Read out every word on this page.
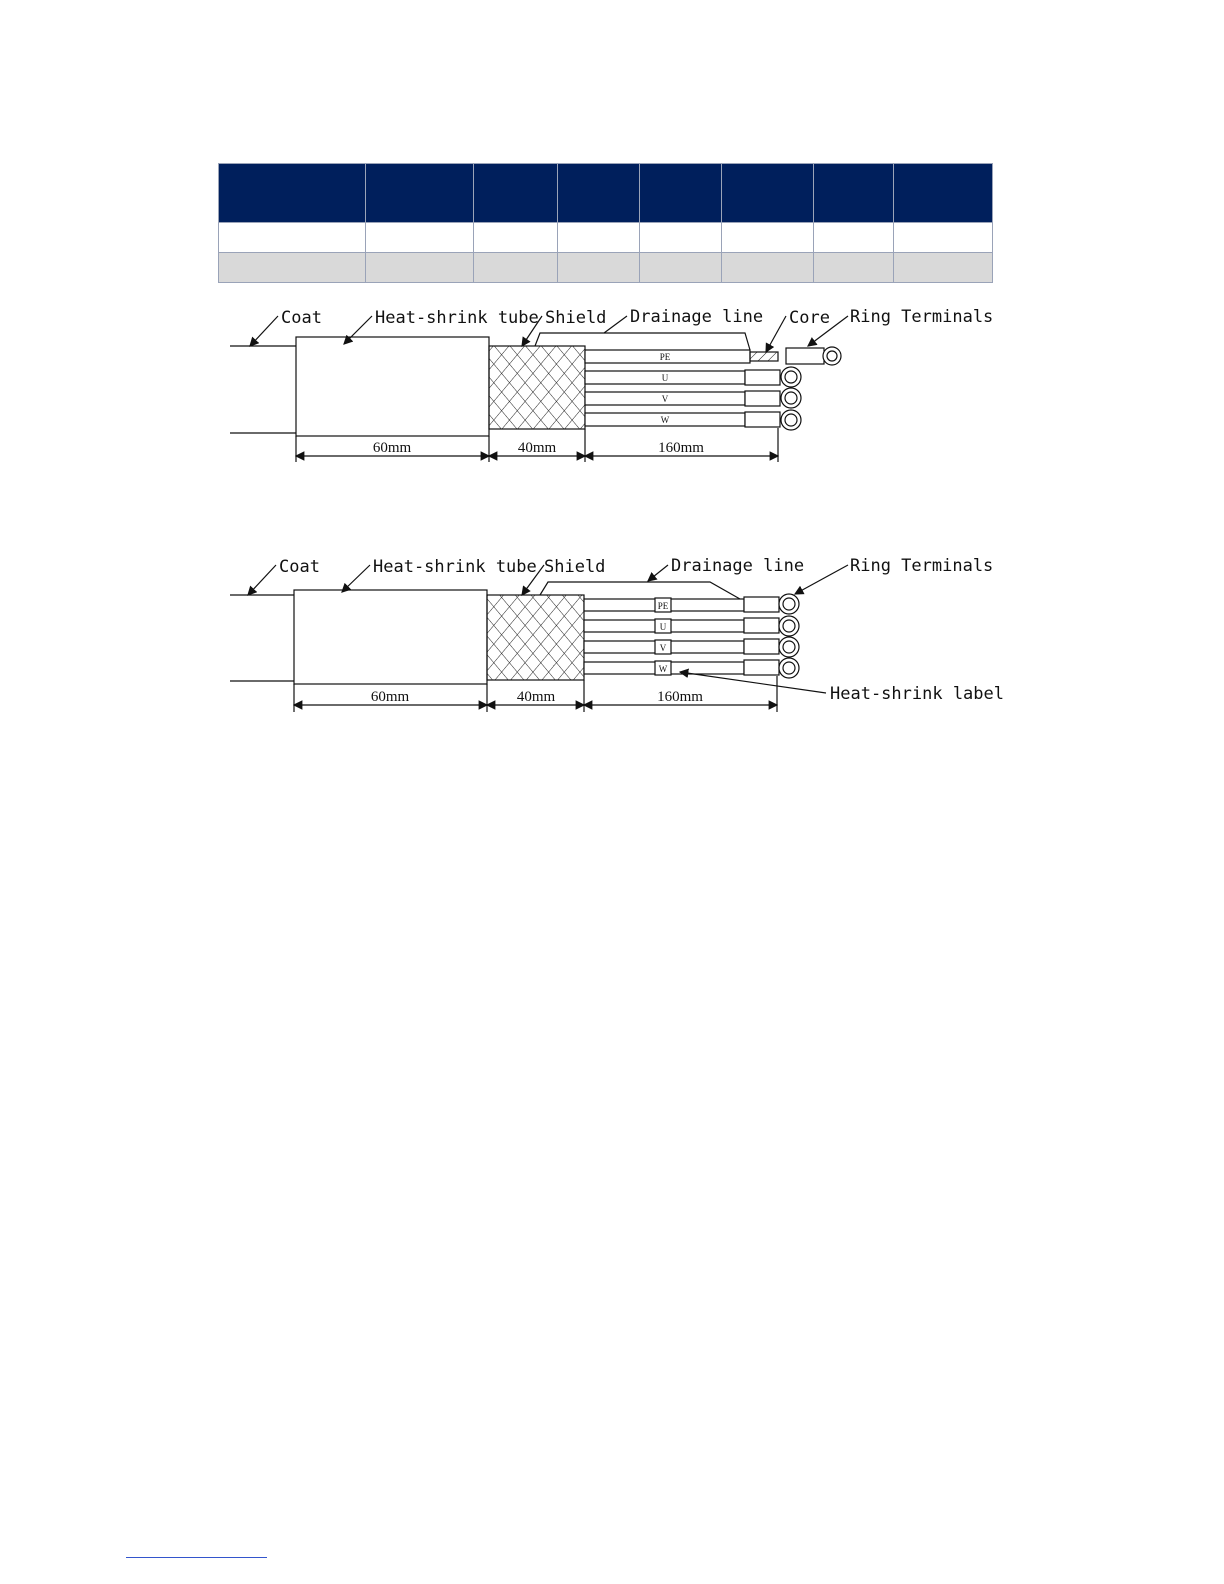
Coat	Heat-shrink tube Shield Drainage line Core Ring Terminals
PE
U
V
W
60mm	40mm	160mm
Coat	Heat-shrink tube Shield	Drainage line	Ring Terminals
Heat-shrink label
PE
U
V
W
60mm	40mm	160mm
